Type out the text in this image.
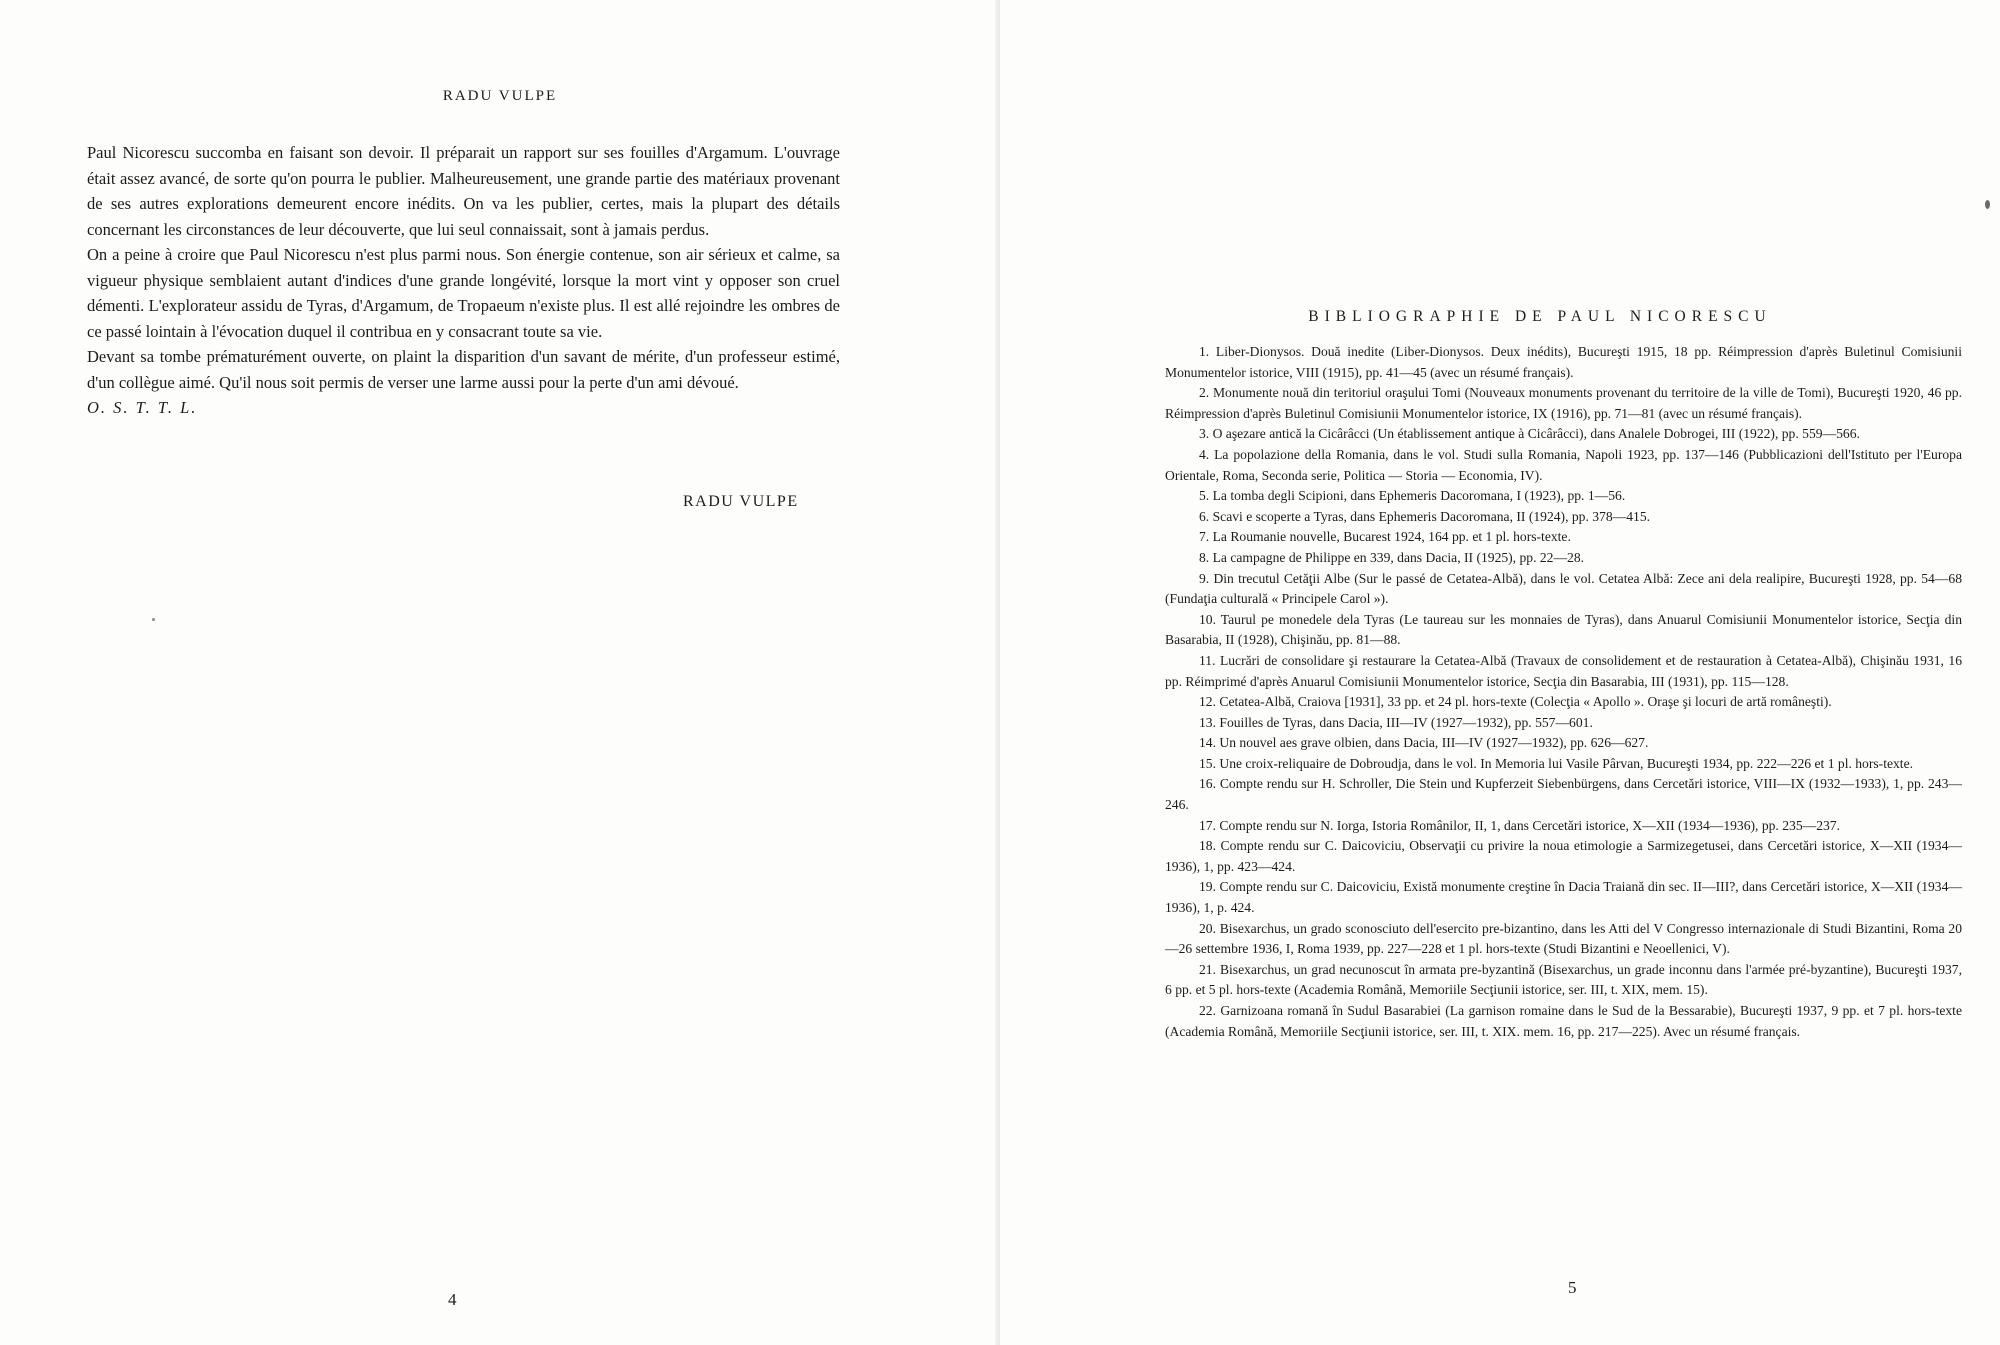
RADU VULPE

Paul Nicorescu succomba en faisant son devoir. Il préparait un rapport sur ses fouilles d'Argamum. L'ouvrage était assez avancé, de sorte qu'on pourra le publier. Malheureusement, une grande partie des matériaux provenant de ses autres explorations demeurent encore inédits. On va les publier, certes, mais la plupart des détails concernant les circonstances de leur découverte, que lui seul connaissait, sont à jamais perdus.

On a peine à croire que Paul Nicorescu n'est plus parmi nous. Son énergie contenue, son air sérieux et calme, sa vigueur physique semblaient autant d'indices d'une grande longévité, lorsque la mort vint y opposer son cruel démenti. L'explorateur assidu de Tyras, d'Argamum, de Tropaeum n'existe plus. Il est allé rejoindre les ombres de ce passé lointain à l'évocation duquel il contribua en y consacrant toute sa vie.

Devant sa tombe prématurément ouverte, on plaint la disparition d'un savant de mérite, d'un professeur estimé, d'un collègue aimé. Qu'il nous soit permis de verser une larme aussi pour la perte d'un ami dévoué.

O. S. T. T. L.

RADU VULPE
4
BIBLIOGRAPHIE DE PAUL NICORESCU

1. Liber-Dionysos. Două inedite (Liber-Dionysos. Deux inédits), Bucureşti 1915, 18 pp. Réimpression d'après Buletinul Comisiunii Monumentelor istorice, VIII (1915), pp. 41—45 (avec un résumé français).

2. Monumente nouă din teritoriul oraşului Tomi (Nouveaux monuments provenant du territoire de la ville de Tomi), Bucureşti 1920, 46 pp. Réimpression d'après Buletinul Comisiunii Monumentelor istorice, IX (1916), pp. 71—81 (avec un résumé français).

3. O aşezare antică la Cicârâcci (Un établissement antique à Cicârâcci), dans Analele Dobrogei, III (1922), pp. 559—566.

4. La popolazione della Romania, dans le vol. Studi sulla Romania, Napoli 1923, pp. 137—146 (Pubblicazioni dell'Istituto per l'Europa Orientale, Roma, Seconda serie, Politica — Storia — Economia, IV).

5. La tomba degli Scipioni, dans Ephemeris Dacoromana, I (1923), pp. 1—56.

6. Scavi e scoperte a Tyras, dans Ephemeris Dacoromana, II (1924), pp. 378—415.

7. La Roumanie nouvelle, Bucarest 1924, 164 pp. et 1 pl. hors-texte.

8. La campagne de Philippe en 339, dans Dacia, II (1925), pp. 22—28.

9. Din trecutul Cetăţii Albe (Sur le passé de Cetatea-Albă), dans le vol. Cetatea Albă: Zece ani dela realipire, Bucureşti 1928, pp. 54—68 (Fundaţia culturală « Principele Carol »).

10. Taurul pe monedele dela Tyras (Le taureau sur les monnaies de Tyras), dans Anuarul Comisiunii Monumentelor istorice, Secţia din Basarabia, II (1928), Chişinău, pp. 81—88.

11. Lucrări de consolidare şi restaurare la Cetatea-Albă (Travaux de consolidement et de restauration à Cetatea-Albă), Chişinău 1931, 16 pp. Réimprimé d'après Anuarul Comisiunii Monumentelor istorice, Secţia din Basarabia, III (1931), pp. 115—128.

12. Cetatea-Albă, Craiova [1931], 33 pp. et 24 pl. hors-texte (Colecţia « Apollo ». Oraşe şi locuri de artă româneşti).

13. Fouilles de Tyras, dans Dacia, III—IV (1927—1932), pp. 557—601.

14. Un nouvel aes grave olbien, dans Dacia, III—IV (1927—1932), pp. 626—627.

15. Une croix-reliquaire de Dobroudja, dans le vol. In Memoria lui Vasile Pârvan, Bucureşti 1934, pp. 222—226 et 1 pl. hors-texte.

16. Compte rendu sur H. Schroller, Die Stein und Kupferzeit Siebenbürgens, dans Cercetări istorice, VIII—IX (1932—1933), 1, pp. 243—246.

17. Compte rendu sur N. Iorga, Istoria Românilor, II, 1, dans Cercetări istorice, X—XII (1934—1936), pp. 235—237.

18. Compte rendu sur C. Daicoviciu, Observaţii cu privire la noua etimologie a Sarmizegetusei, dans Cercetări istorice, X—XII (1934—1936), 1, pp. 423—424.

19. Compte rendu sur C. Daicoviciu, Există monumente creştine în Dacia Traiană din sec. II—III?, dans Cercetări istorice, X—XII (1934—1936), 1, p. 424.

20. Bisexarchus, un grado sconosciuto dell'esercito pre-bizantino, dans les Atti del V Congresso internazionale di Studi Bizantini, Roma 20—26 settembre 1936, I, Roma 1939, pp. 227—228 et 1 pl. hors-texte (Studi Bizantini e Neoellenici, V).

21. Bisexarchus, un grad necunoscut în armata pre-byzantină (Bisexarchus, un grade inconnu dans l'armée pré-byzantine), Bucureşti 1937, 6 pp. et 5 pl. hors-texte (Academia Română, Memoriile Secţiunii istorice, ser. III, t. XIX, mem. 15).

22. Garnizoana romană în Sudul Basarabiei (La garnison romaine dans le Sud de la Bessarabie), Bucureşti 1937, 9 pp. et 7 pl. hors-texte (Academia Română, Memoriile Secţiunii istorice, ser. III, t. XIX. mem. 16, pp. 217—225). Avec un résumé français.

5
